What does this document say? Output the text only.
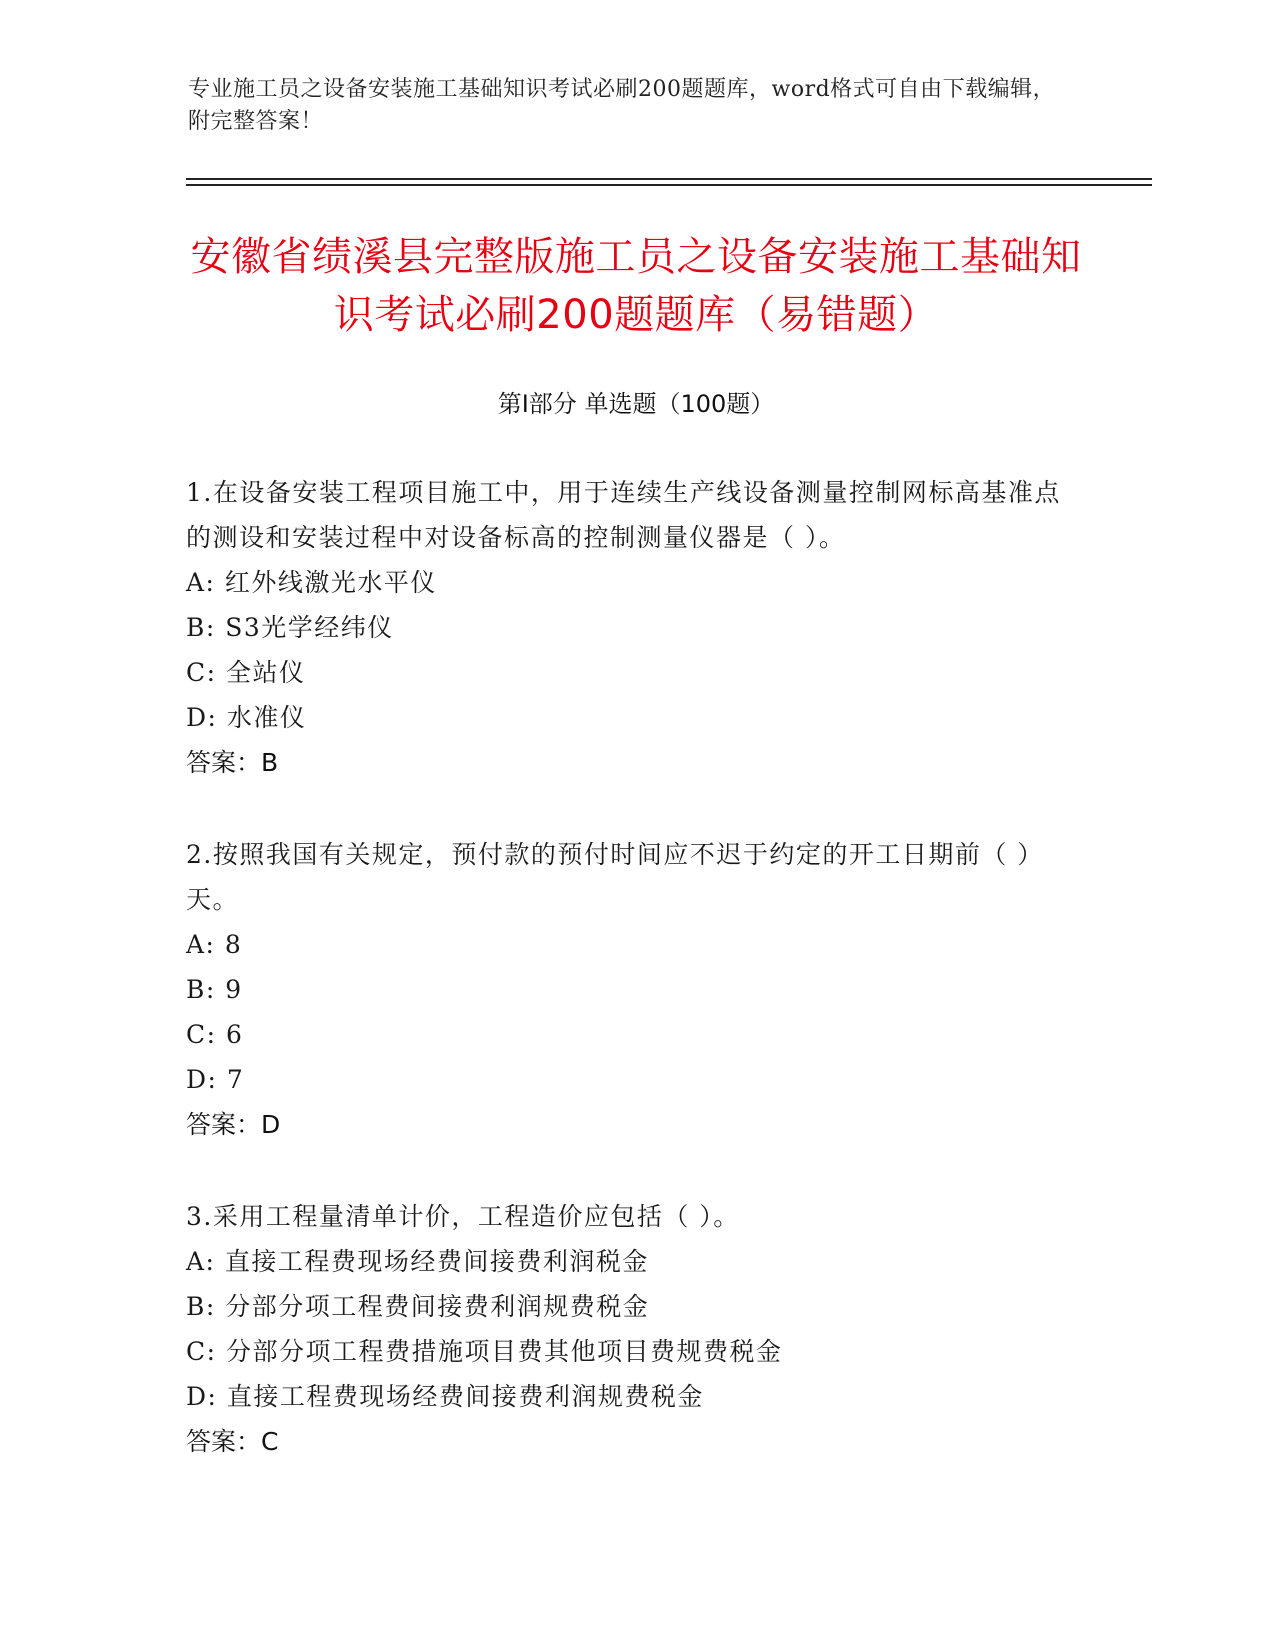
专业施工员之设备安装施工基础知识考试必刷200题题库，word格式可自由下载编辑，附完整答案！
安徽省绩溪县完整版施工员之设备安装施工基础知识考试必刷200题题库（易错题）
第Ⅰ部分 单选题（100题）
1.在设备安装工程项目施工中，用于连续生产线设备测量控制网标高基准点的测设和安装过程中对设备标高的控制测量仪器是（ ）。
A: 红外线激光水平仪
B: S3光学经纬仪
C: 全站仪
D: 水准仪
答案：B
2.按照我国有关规定，预付款的预付时间应不迟于约定的开工日期前（ ）天。
A: 8
B: 9
C: 6
D: 7
答案：D
3.采用工程量清单计价，工程造价应包括（ ）。
A: 直接工程费现场经费间接费利润税金
B: 分部分项工程费间接费利润规费税金
C: 分部分项工程费措施项目费其他项目费规费税金
D: 直接工程费现场经费间接费利润规费税金
答案：C
